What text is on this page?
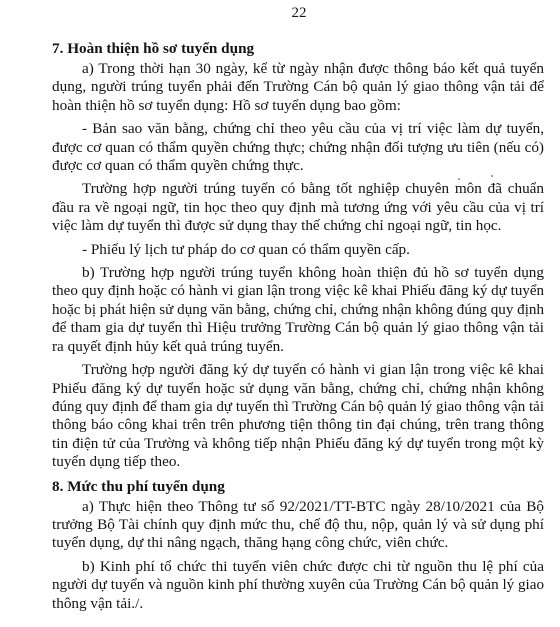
22
7. Hoàn thiện hồ sơ tuyển dụng
a) Trong thời hạn 30 ngày, kể từ ngày nhận được thông báo kết quả tuyển
dụng, người trúng tuyển phải đến Trường Cán bộ quản lý giao thông vận tải để
hoàn thiện hồ sơ tuyển dụng: Hồ sơ tuyển dụng bao gồm:
- Bản sao văn bằng, chứng chỉ theo yêu cầu của vị trí việc làm dự tuyển,
được cơ quan có thẩm quyền chứng thực; chứng nhận đối tượng ưu tiên (nếu có)
được cơ quan có thẩm quyền chứng thực.
Trường hợp người trúng tuyển có bằng tốt nghiệp chuyên môn đã chuẩn
đầu ra về ngoại ngữ, tin học theo quy định mà tương ứng với yêu cầu của vị trí
việc làm dự tuyển thì được sử dụng thay thế chứng chỉ ngoại ngữ, tin học.
- Phiếu lý lịch tư pháp do cơ quan có thẩm quyền cấp.
b) Trường hợp người trúng tuyển không hoàn thiện đủ hồ sơ tuyển dụng
theo quy định hoặc có hành vi gian lận trong việc kê khai Phiếu đăng ký dự tuyển
hoặc bị phát hiện sử dụng văn bằng, chứng chỉ, chứng nhận không đúng quy định
để tham gia dự tuyển thì Hiệu trưởng Trường Cán bộ quản lý giao thông vận tải
ra quyết định hủy kết quả trúng tuyển.
Trường hợp người đăng ký dự tuyển có hành vi gian lận trong việc kê khai
Phiếu đăng ký dự tuyển hoặc sử dụng văn bằng, chứng chỉ, chứng nhận không
đúng quy định để tham gia dự tuyển thì Trường Cán bộ quản lý giao thông vận tải
thông báo công khai trên trên phương tiện thông tin đại chúng, trên trang thông
tin điện tử của Trường và không tiếp nhận Phiếu đăng ký dự tuyển trong một kỳ
tuyển dụng tiếp theo.
8. Mức thu phí tuyển dụng
a) Thực hiện theo Thông tư số 92/2021/TT-BTC ngày 28/10/2021 của Bộ
trưởng Bộ Tài chính quy định mức thu, chế độ thu, nộp, quản lý và sử dụng phí
tuyển dụng, dự thi nâng ngạch, thăng hạng công chức, viên chức.
b) Kinh phí tổ chức thi tuyển viên chức được chi từ nguồn thu lệ phí của
người dự tuyển và nguồn kinh phí thường xuyên của Trường Cán bộ quản lý giao
thông vận tải./.
